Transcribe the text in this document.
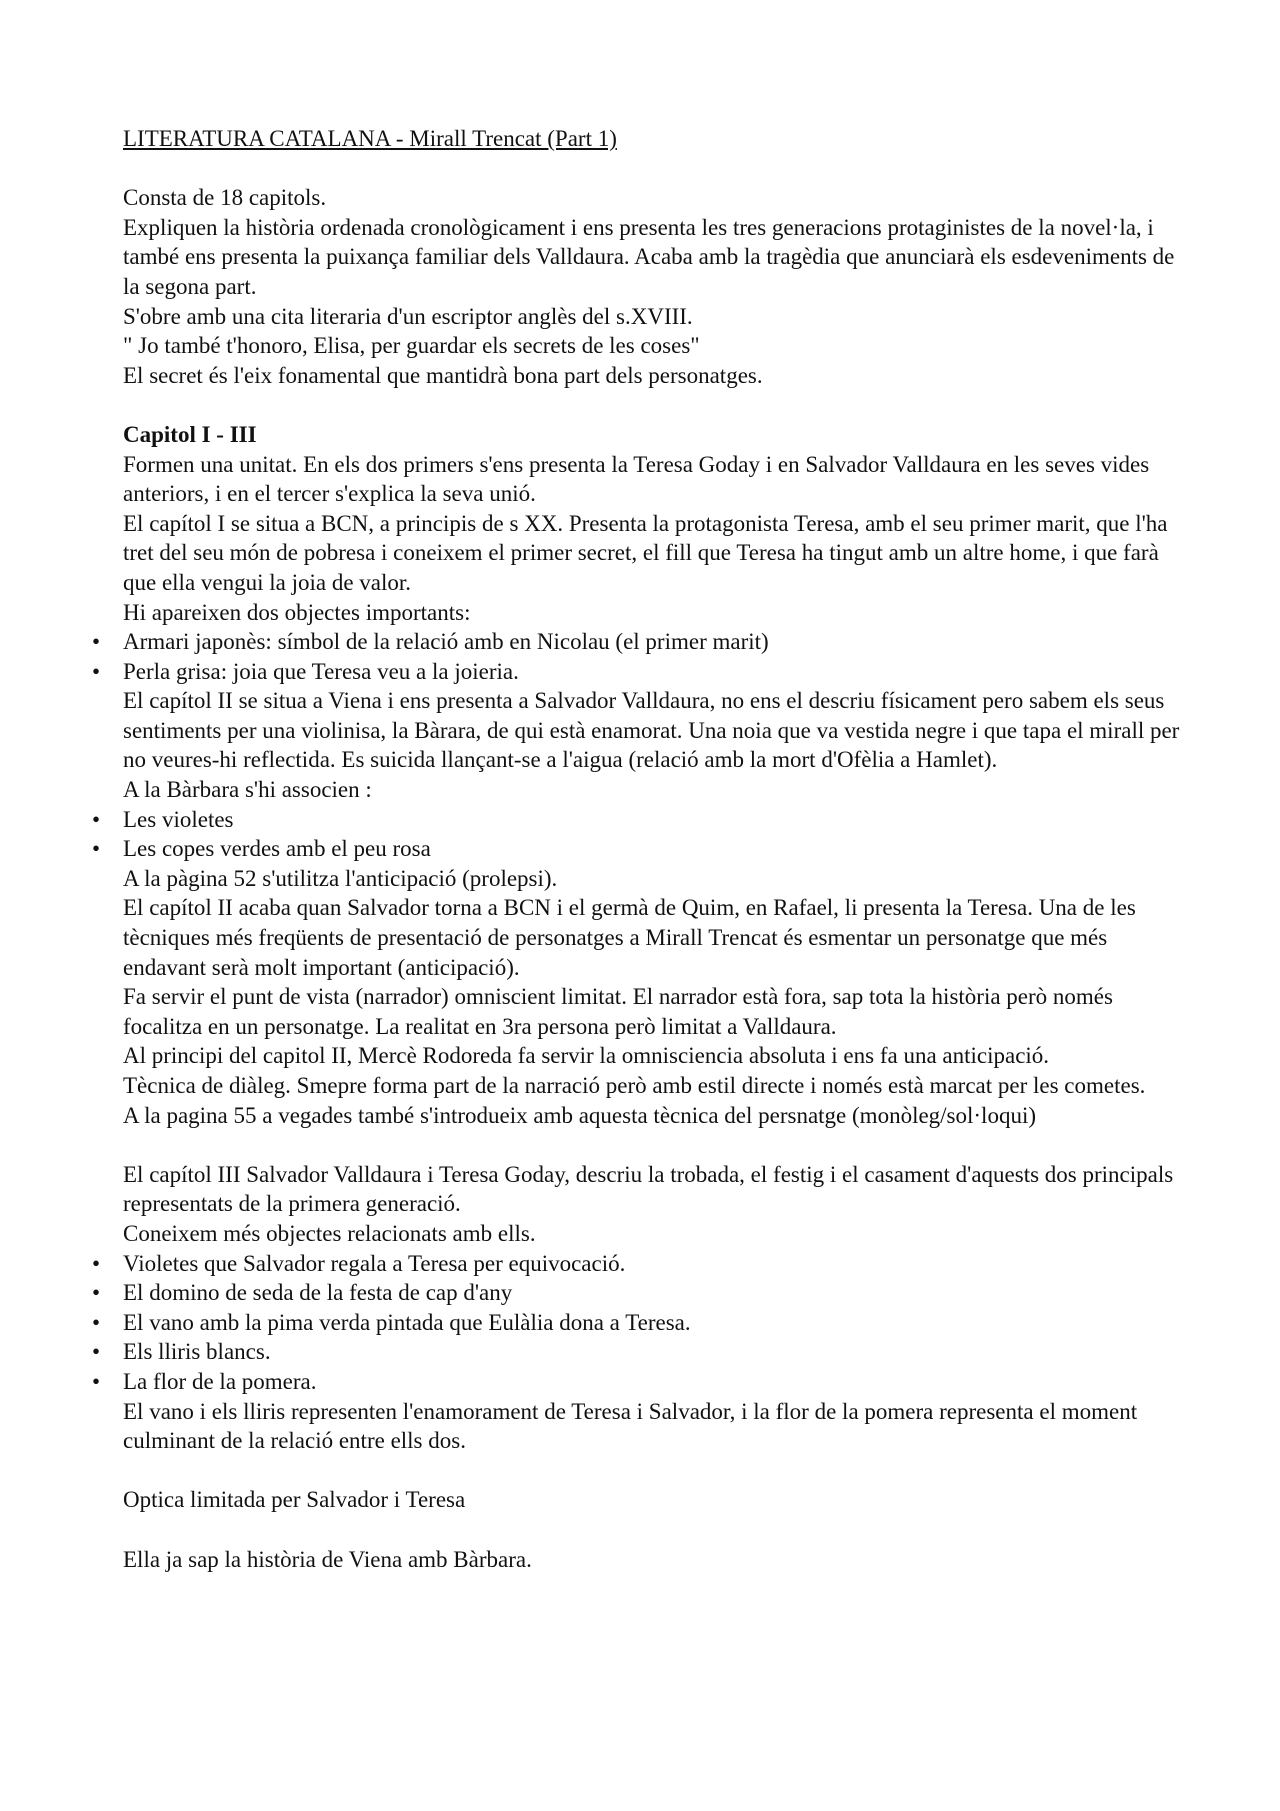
LITERATURA CATALANA - Mirall Trencat (Part 1)
Consta de 18 capitols.
Expliquen la història ordenada cronològicament i ens presenta les tres generacions protaginistes de la novel·la, i també ens presenta la puixança familiar dels Valldaura. Acaba amb la tragèdia que anunciarà els esdeveniments de la segona part.
S'obre amb una cita literaria d'un escriptor anglès del s.XVIII.
" Jo també t'honoro, Elisa, per guardar els secrets de les coses"
El secret és l'eix fonamental que mantidrà bona part dels personatges.
Capitol I - III
Formen una unitat. En els dos primers s'ens presenta la Teresa Goday i en Salvador Valldaura en les seves vides anteriors, i en el tercer s'explica la seva unió.
El capítol I se situa a BCN, a principis de s XX. Presenta la protagonista Teresa, amb el seu primer marit, que l'ha tret del seu món de pobresa i coneixem el primer secret, el fill que Teresa ha tingut amb un altre home, i que farà que ella vengui la joia de valor.
Hi apareixen dos objectes importants:
• Armari japonès: símbol de la relació amb en Nicolau (el primer marit)
• Perla grisa: joia que Teresa veu a la joieria.
El capítol II se situa a Viena i ens presenta a Salvador Valldaura, no ens el descriu físicament pero sabem els seus sentiments per una violinisa, la Bàrara, de qui està enamorat. Una noia que va vestida negre i que tapa el mirall per no veures-hi reflectida. Es suicida llançant-se a l'aigua (relació amb la mort d'Ofèlia a Hamlet).
A la Bàrbara s'hi associen :
• Les violetes
• Les copes verdes amb el peu rosa
A la pàgina 52 s'utilitza l'anticipació (prolepsi).
El capítol II acaba quan Salvador torna a BCN i el germà de Quim, en Rafael, li presenta la Teresa. Una de les tècniques més freqüents de presentació de personatges a Mirall Trencat és esmentar un personatge que més endavant serà molt important (anticipació).
Fa servir el punt de vista (narrador) omniscient limitat. El narrador està fora, sap tota la història però només focalitza en un personatge. La realitat en 3ra persona però limitat a Valldaura.
Al principi del capitol II, Mercè Rodoreda fa servir la omnisciencia absoluta i ens fa una anticipació.
Tècnica de diàleg. Smepre forma part de la narració però amb estil directe i només està marcat per les cometes.
A la pagina 55 a vegades també s'introdueix amb aquesta tècnica del persnatge (monòleg/sol·loqui)
El capítol III Salvador Valldaura i Teresa Goday, descriu la trobada, el festig i el casament d'aquests dos principals representats de la primera generació.
Coneixem més objectes relacionats amb ells.
• Violetes que Salvador regala a Teresa per equivocació.
• El domino de seda de la festa de cap d'any
• El vano amb la pima verda pintada que Eulàlia dona a Teresa.
• Els lliris blancs.
• La flor de la pomera.
El vano i els lliris representen l'enamorament de Teresa i Salvador, i la flor de la pomera representa el moment culminant de la relació entre ells dos.
Optica limitada per Salvador i Teresa
Ella ja sap la història de Viena amb Bàrbara.
